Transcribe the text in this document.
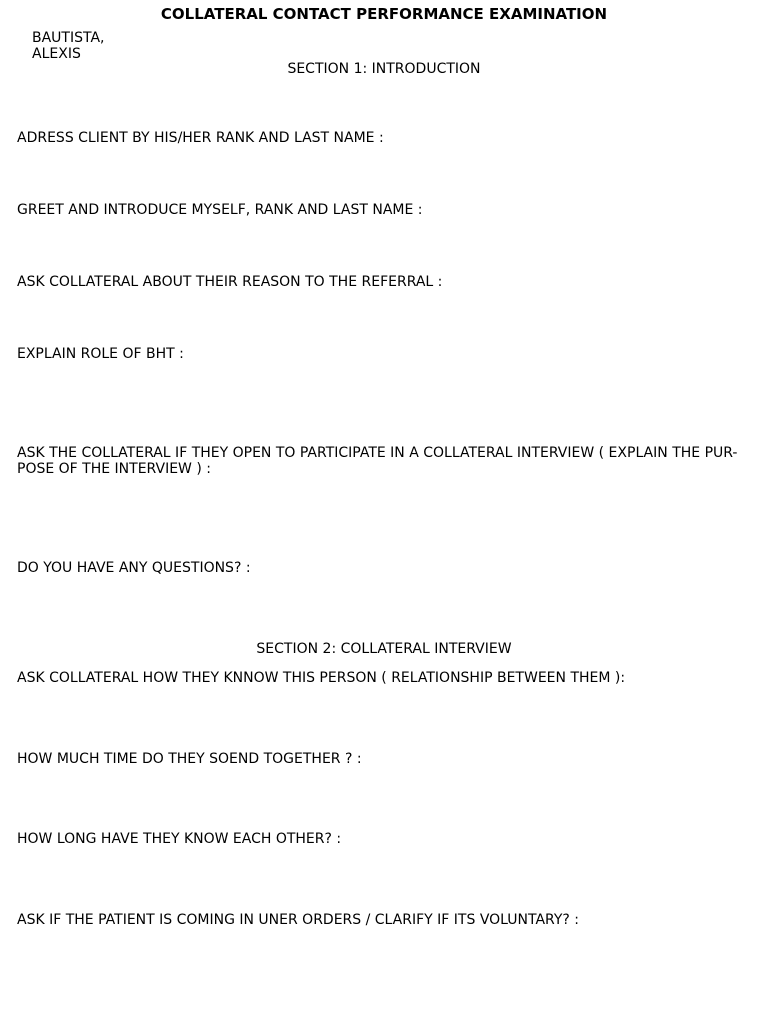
COLLATERAL CONTACT PERFORMANCE EXAMINATION
BAUTISTA,
ALEXIS
SECTION 1: INTRODUCTION
ADRESS CLIENT BY HIS/HER RANK AND LAST NAME :
GREET AND INTRODUCE MYSELF, RANK AND LAST NAME :
ASK COLLATERAL ABOUT THEIR REASON TO THE REFERRAL :
EXPLAIN ROLE OF BHT :
ASK THE COLLATERAL IF THEY OPEN TO PARTICIPATE IN A COLLATERAL INTERVIEW ( EXPLAIN THE PUR-
POSE OF THE INTERVIEW ) :
DO YOU HAVE ANY QUESTIONS? :
SECTION 2: COLLATERAL INTERVIEW
ASK COLLATERAL HOW THEY KNNOW THIS PERSON ( RELATIONSHIP BETWEEN THEM ):
HOW MUCH TIME DO THEY SOEND TOGETHER ? :
HOW LONG HAVE THEY KNOW EACH OTHER? :
ASK IF THE PATIENT IS COMING IN UNER ORDERS / CLARIFY IF ITS VOLUNTARY? :
